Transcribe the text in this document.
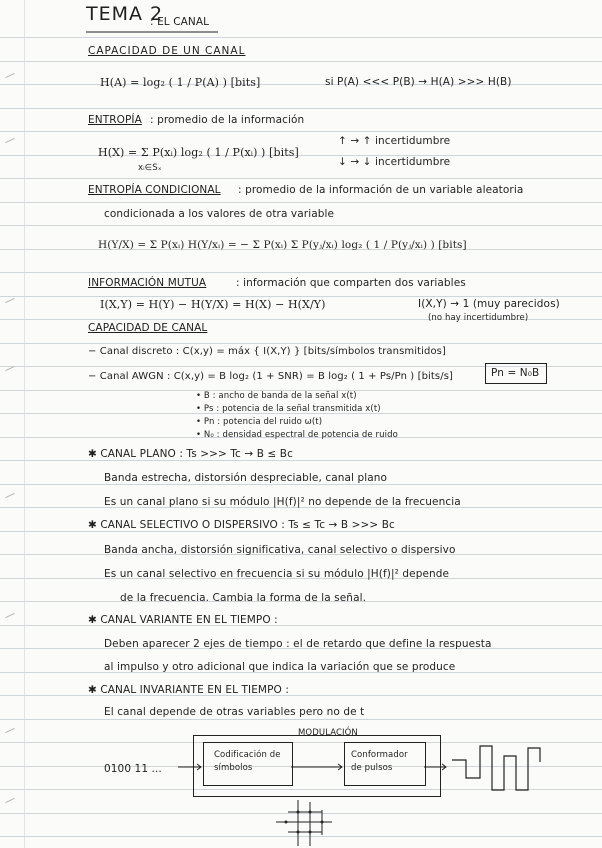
TEMA 2
: EL CANAL
CAPACIDAD DE UN CANAL
H(A) = log₂ ( 1 / P(A) ) [bits]	si P(A) <<< P(B) → H(A) >>> H(B)
ENTROPÍA : promedio de la información
H(X) = Σ P(xᵢ) log₂ ( 1 / P(xᵢ) ) [bits]
xᵢ∈Sₓ
↑ → ↑ incertidumbre
↓ → ↓ incertidumbre
ENTROPÍA CONDICIONAL : promedio de la información de un variable aleatoria
condicionada a los valores de otra variable
H(Y/X) = Σ P(xᵢ) H(Y/xᵢ) = − Σ P(xᵢ) Σ P(yⱼ/xᵢ) log₂ ( 1 / P(yⱼ/xᵢ) ) [bits]
INFORMACIÓN MUTUA	: información que comparten dos variables
I(X,Y) = H(Y) − H(Y/X) = H(X) − H(X/Y)	I(X,Y) → 1 (muy parecidos)
(no hay incertidumbre)
CAPACIDAD DE CANAL
− Canal discreto : C(x,y) = máx { I(X,Y) } [bits/símbolos transmitidos]
− Canal AWGN : C(x,y) = B log₂ (1 + SNR) = B log₂ ( 1 + Ps/Pn ) [bits/s]	Pn = N₀B
• B : ancho de banda de la señal x(t)
• Ps : potencia de la señal transmitida x(t)
• Pn : potencia del ruido ω(t)
• N₀ : densidad espectral de potencia de ruido
✱ CANAL PLANO : Ts >>> Tc → B ≤ Bc
Banda estrecha, distorsión despreciable, canal plano
Es un canal plano si su módulo |H(f)|² no depende de la frecuencia
✱ CANAL SELECTIVO O DISPERSIVO : Ts ≤ Tc → B >>> Bc
Banda ancha, distorsión significativa, canal selectivo o dispersivo
Es un canal selectivo en frecuencia si su módulo |H(f)|² depende
de la frecuencia. Cambia la forma de la señal.
✱ CANAL VARIANTE EN EL TIEMPO :
Deben aparecer 2 ejes de tiempo : el de retardo que define la respuesta
al impulso y otro adicional que indica la variación que se produce
✱ CANAL INVARIANTE EN EL TIEMPO :
El canal depende de otras variables pero no de t
MODULACIÓN
0100 11 ...
Codificación de símbolos
Conformador de pulsos
